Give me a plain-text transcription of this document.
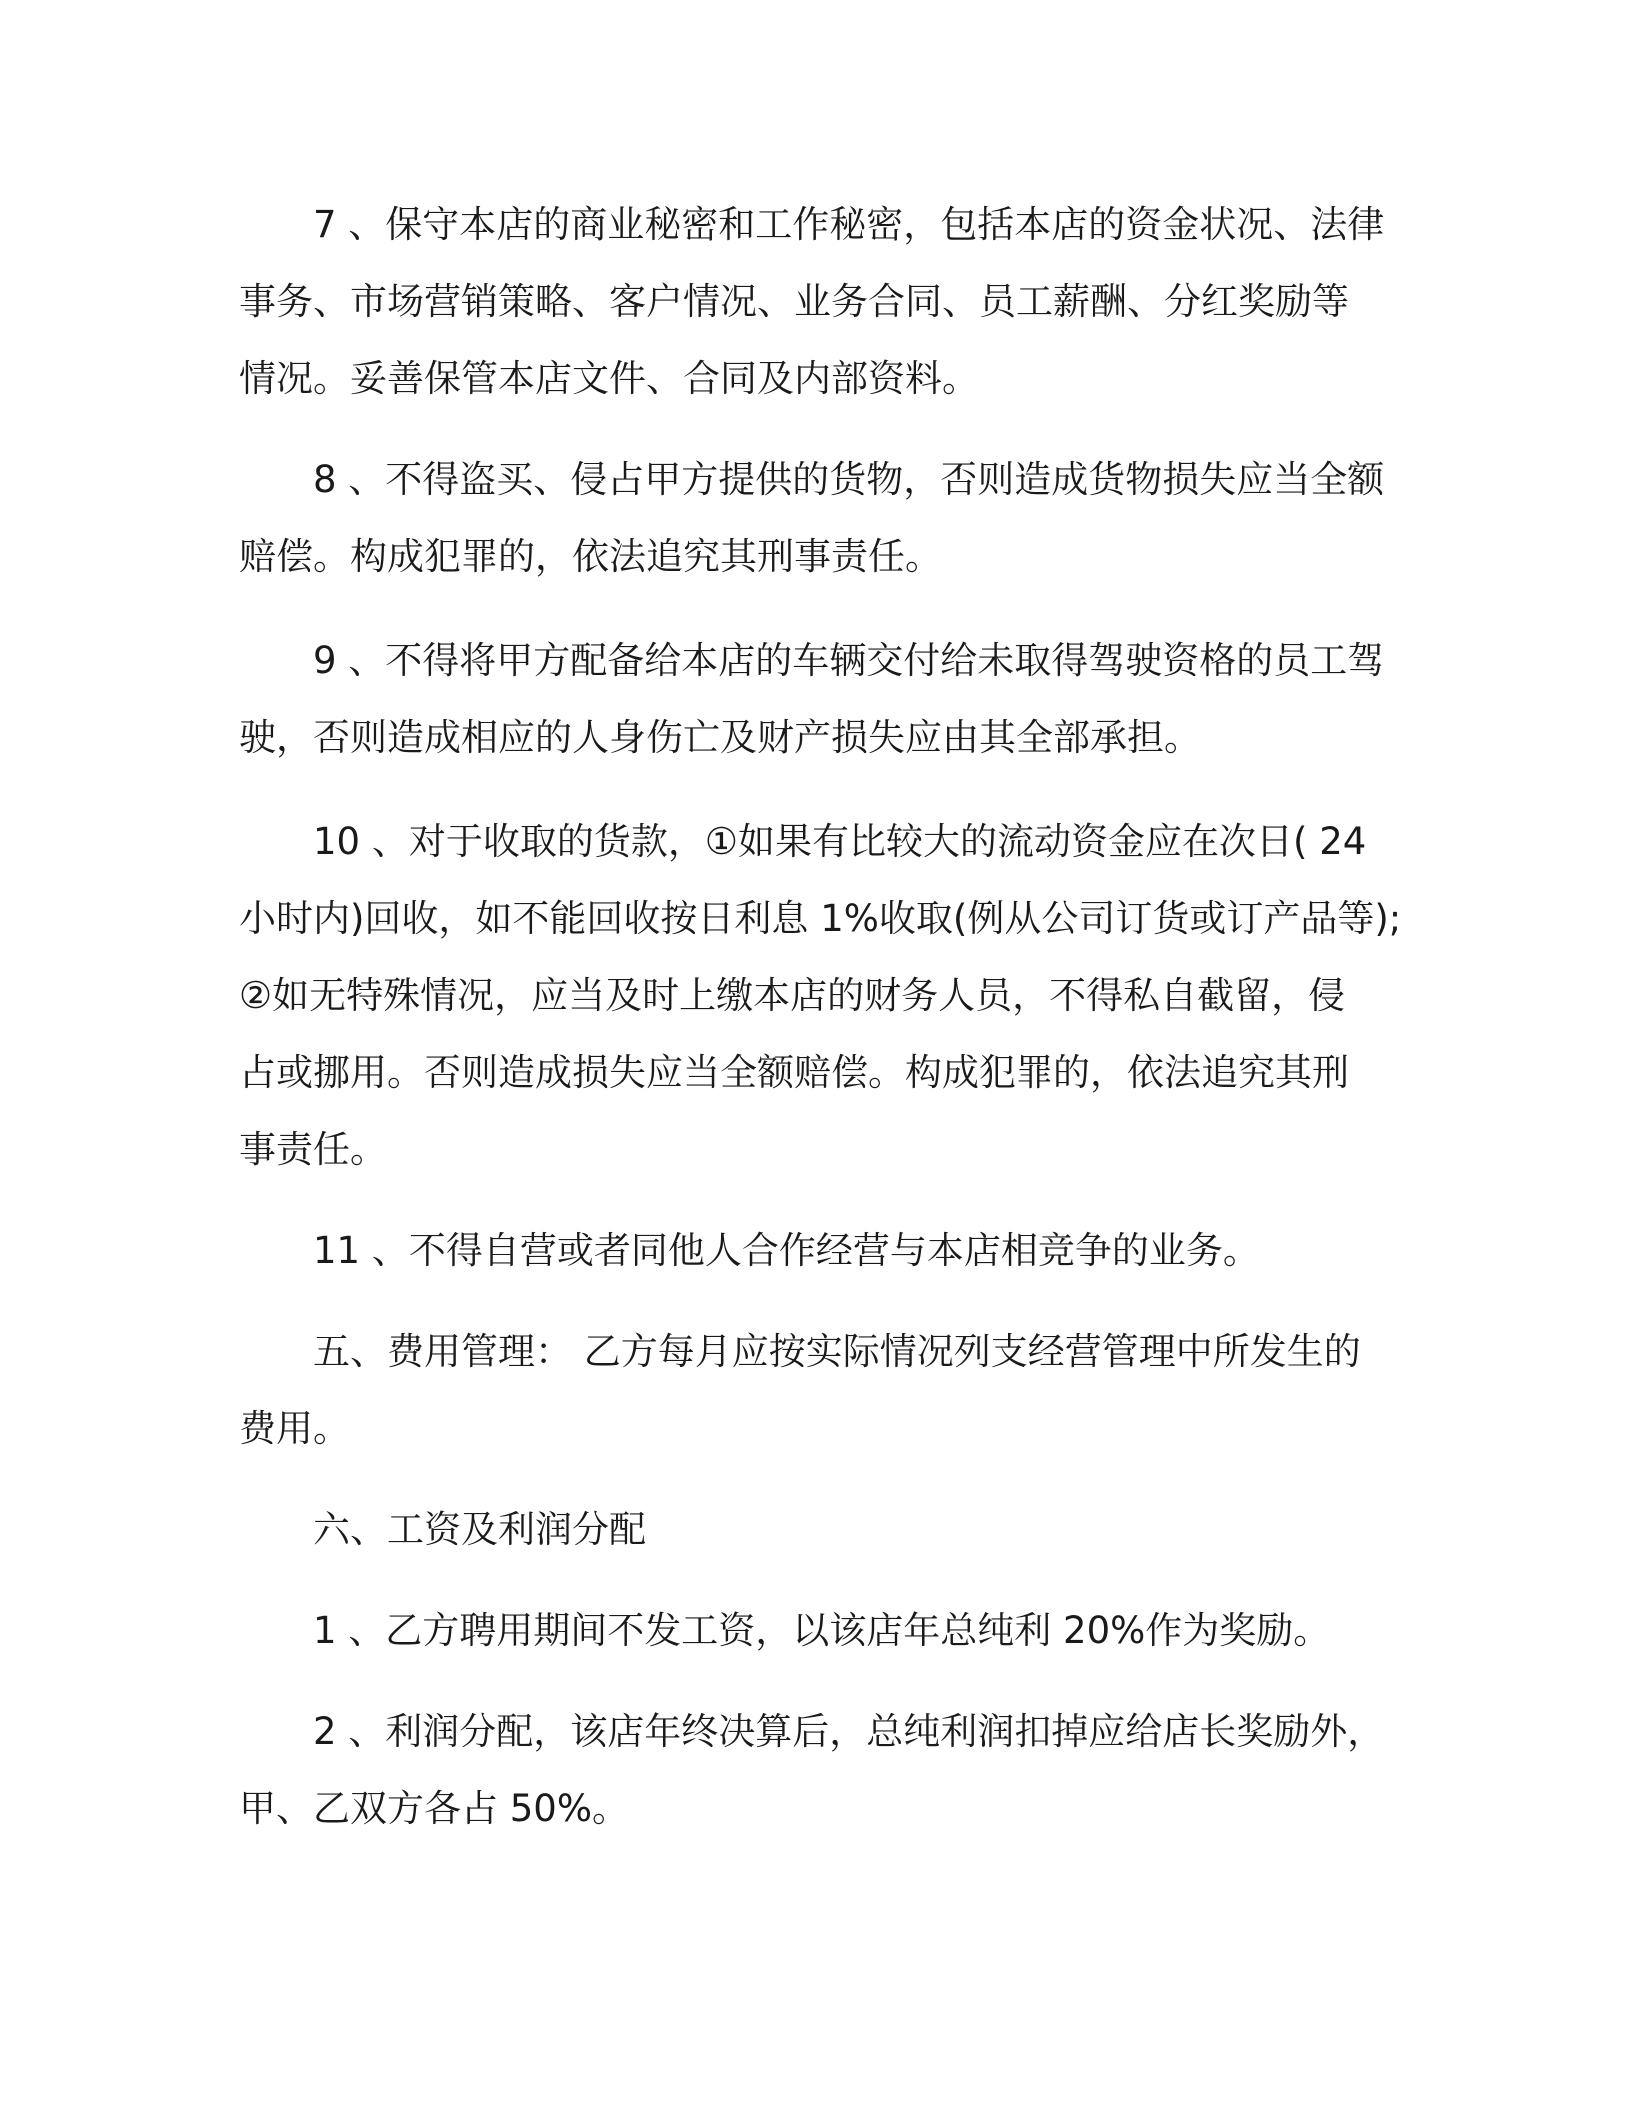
7 、保守本店的商业秘密和工作秘密，包括本店的资金状况、法律
事务、市场营销策略、客户情况、业务合同、员工薪酬、分红奖励等
情况。妥善保管本店文件、合同及内部资料。

8 、不得盗买、侵占甲方提供的货物，否则造成货物损失应当全额
赔偿。构成犯罪的，依法追究其刑事责任。

9 、不得将甲方配备给本店的车辆交付给未取得驾驶资格的员工驾
驶，否则造成相应的人身伤亡及财产损失应由其全部承担。

10 、对于收取的货款，①如果有比较大的流动资金应在次日( 24
小时内)回收，如不能回收按日利息 1%收取(例从公司订货或订产品等);
②如无特殊情况，应当及时上缴本店的财务人员，不得私自截留，侵
占或挪用。否则造成损失应当全额赔偿。构成犯罪的，依法追究其刑
事责任。

11 、不得自营或者同他人合作经营与本店相竞争的业务。

五、费用管理： 乙方每月应按实际情况列支经营管理中所发生的
费用。

六、工资及利润分配

1 、乙方聘用期间不发工资，以该店年总纯利 20%作为奖励。

2 、利润分配，该店年终决算后，总纯利润扣掉应给店长奖励外，
甲、乙双方各占 50%。
